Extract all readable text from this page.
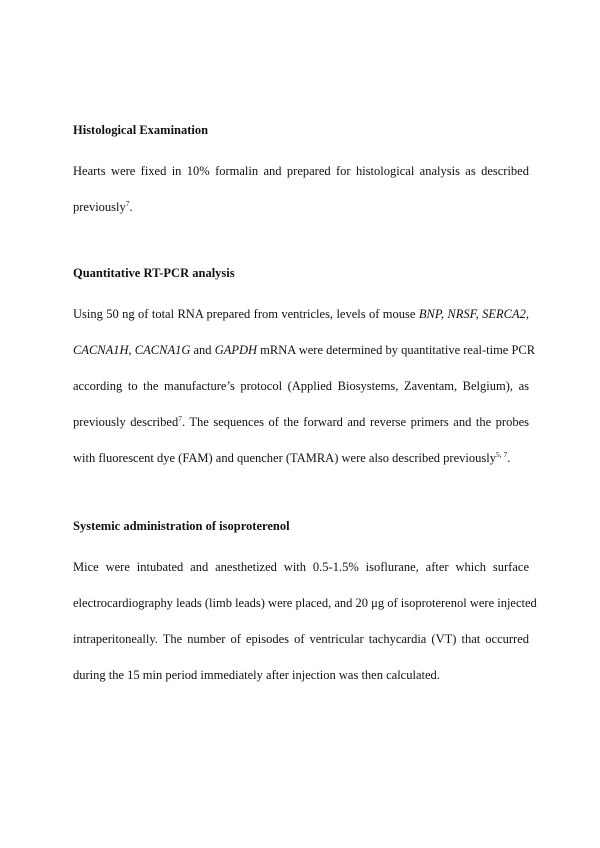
Histological Examination
Hearts were fixed in 10% formalin and prepared for histological analysis as described
previously$^7$.
Quantitative RT-PCR analysis
Using 50 ng of total RNA prepared from ventricles, levels of mouse BNP, NRSF, SERCA2,
CACNA1H, CACNA1G and GAPDH mRNA were determined by quantitative real-time PCR
according to the manufacture’s protocol (Applied Biosystems, Zaventam, Belgium), as
previously described$^7$. The sequences of the forward and reverse primers and the probes
with fluorescent dye (FAM) and quencher (TAMRA) were also described previously$^{5, 7}$.
Systemic administration of isoproterenol
Mice were intubated and anesthetized with 0.5-1.5% isoflurane, after which surface
electrocardiography leads (limb leads) were placed, and 20 μg of isoproterenol were injected
intraperitoneally. The number of episodes of ventricular tachycardia (VT) that occurred
during the 15 min period immediately after injection was then calculated.
